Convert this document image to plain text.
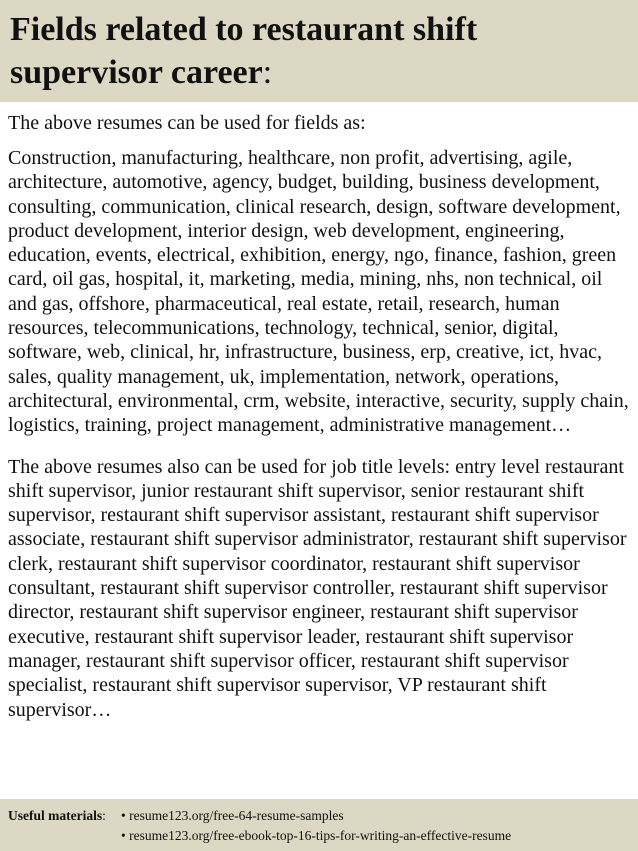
Fields related to restaurant shift supervisor career:

The above resumes can be used for fields as:

Construction, manufacturing, healthcare, non profit, advertising, agile, architecture, automotive, agency, budget, building, business development, consulting, communication, clinical research, design, software development, product development, interior design, web development, engineering, education, events, electrical, exhibition, energy, ngo, finance, fashion, green card, oil gas, hospital, it, marketing, media, mining, nhs, non technical, oil and gas, offshore, pharmaceutical, real estate, retail, research, human resources, telecommunications, technology, technical, senior, digital, software, web, clinical, hr, infrastructure, business, erp, creative, ict, hvac, sales, quality management, uk, implementation, network, operations, architectural, environmental, crm, website, interactive, security, supply chain, logistics, training, project management, administrative management…

The above resumes also can be used for job title levels: entry level restaurant shift supervisor, junior restaurant shift supervisor, senior restaurant shift supervisor, restaurant shift supervisor assistant, restaurant shift supervisor associate, restaurant shift supervisor administrator, restaurant shift supervisor clerk, restaurant shift supervisor coordinator, restaurant shift supervisor consultant, restaurant shift supervisor controller, restaurant shift supervisor director, restaurant shift supervisor engineer, restaurant shift supervisor executive, restaurant shift supervisor leader, restaurant shift supervisor manager, restaurant shift supervisor officer, restaurant shift supervisor specialist, restaurant shift supervisor supervisor, VP restaurant shift supervisor…

Useful materials:	• resume123.org/free-64-resume-samples
• resume123.org/free-ebook-top-16-tips-for-writing-an-effective-resume
